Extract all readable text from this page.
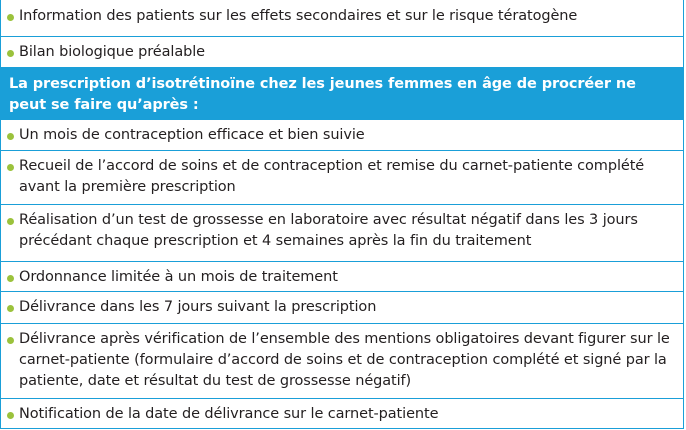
Information des patients sur les effets secondaires et sur le risque tératogène
Bilan biologique préalable
La prescription d’isotrétinoïne chez les jeunes femmes en âge de procréer ne peut se faire qu’après :
Un mois de contraception efficace et bien suivie
Recueil de l’accord de soins et de contraception et remise du carnet-patiente complété avant la première prescription
Réalisation d’un test de grossesse en laboratoire avec résultat négatif dans les 3 jours précédant chaque prescription et 4 semaines après la fin du traitement
Ordonnance limitée à un mois de traitement
Délivrance dans les 7 jours suivant la prescription
Délivrance après vérification de l’ensemble des mentions obligatoires devant figurer sur le carnet-patiente (formulaire d’accord de soins et de contraception complété et signé par la patiente, date et résultat du test de grossesse négatif)
Notification de la date de délivrance sur le carnet-patiente
